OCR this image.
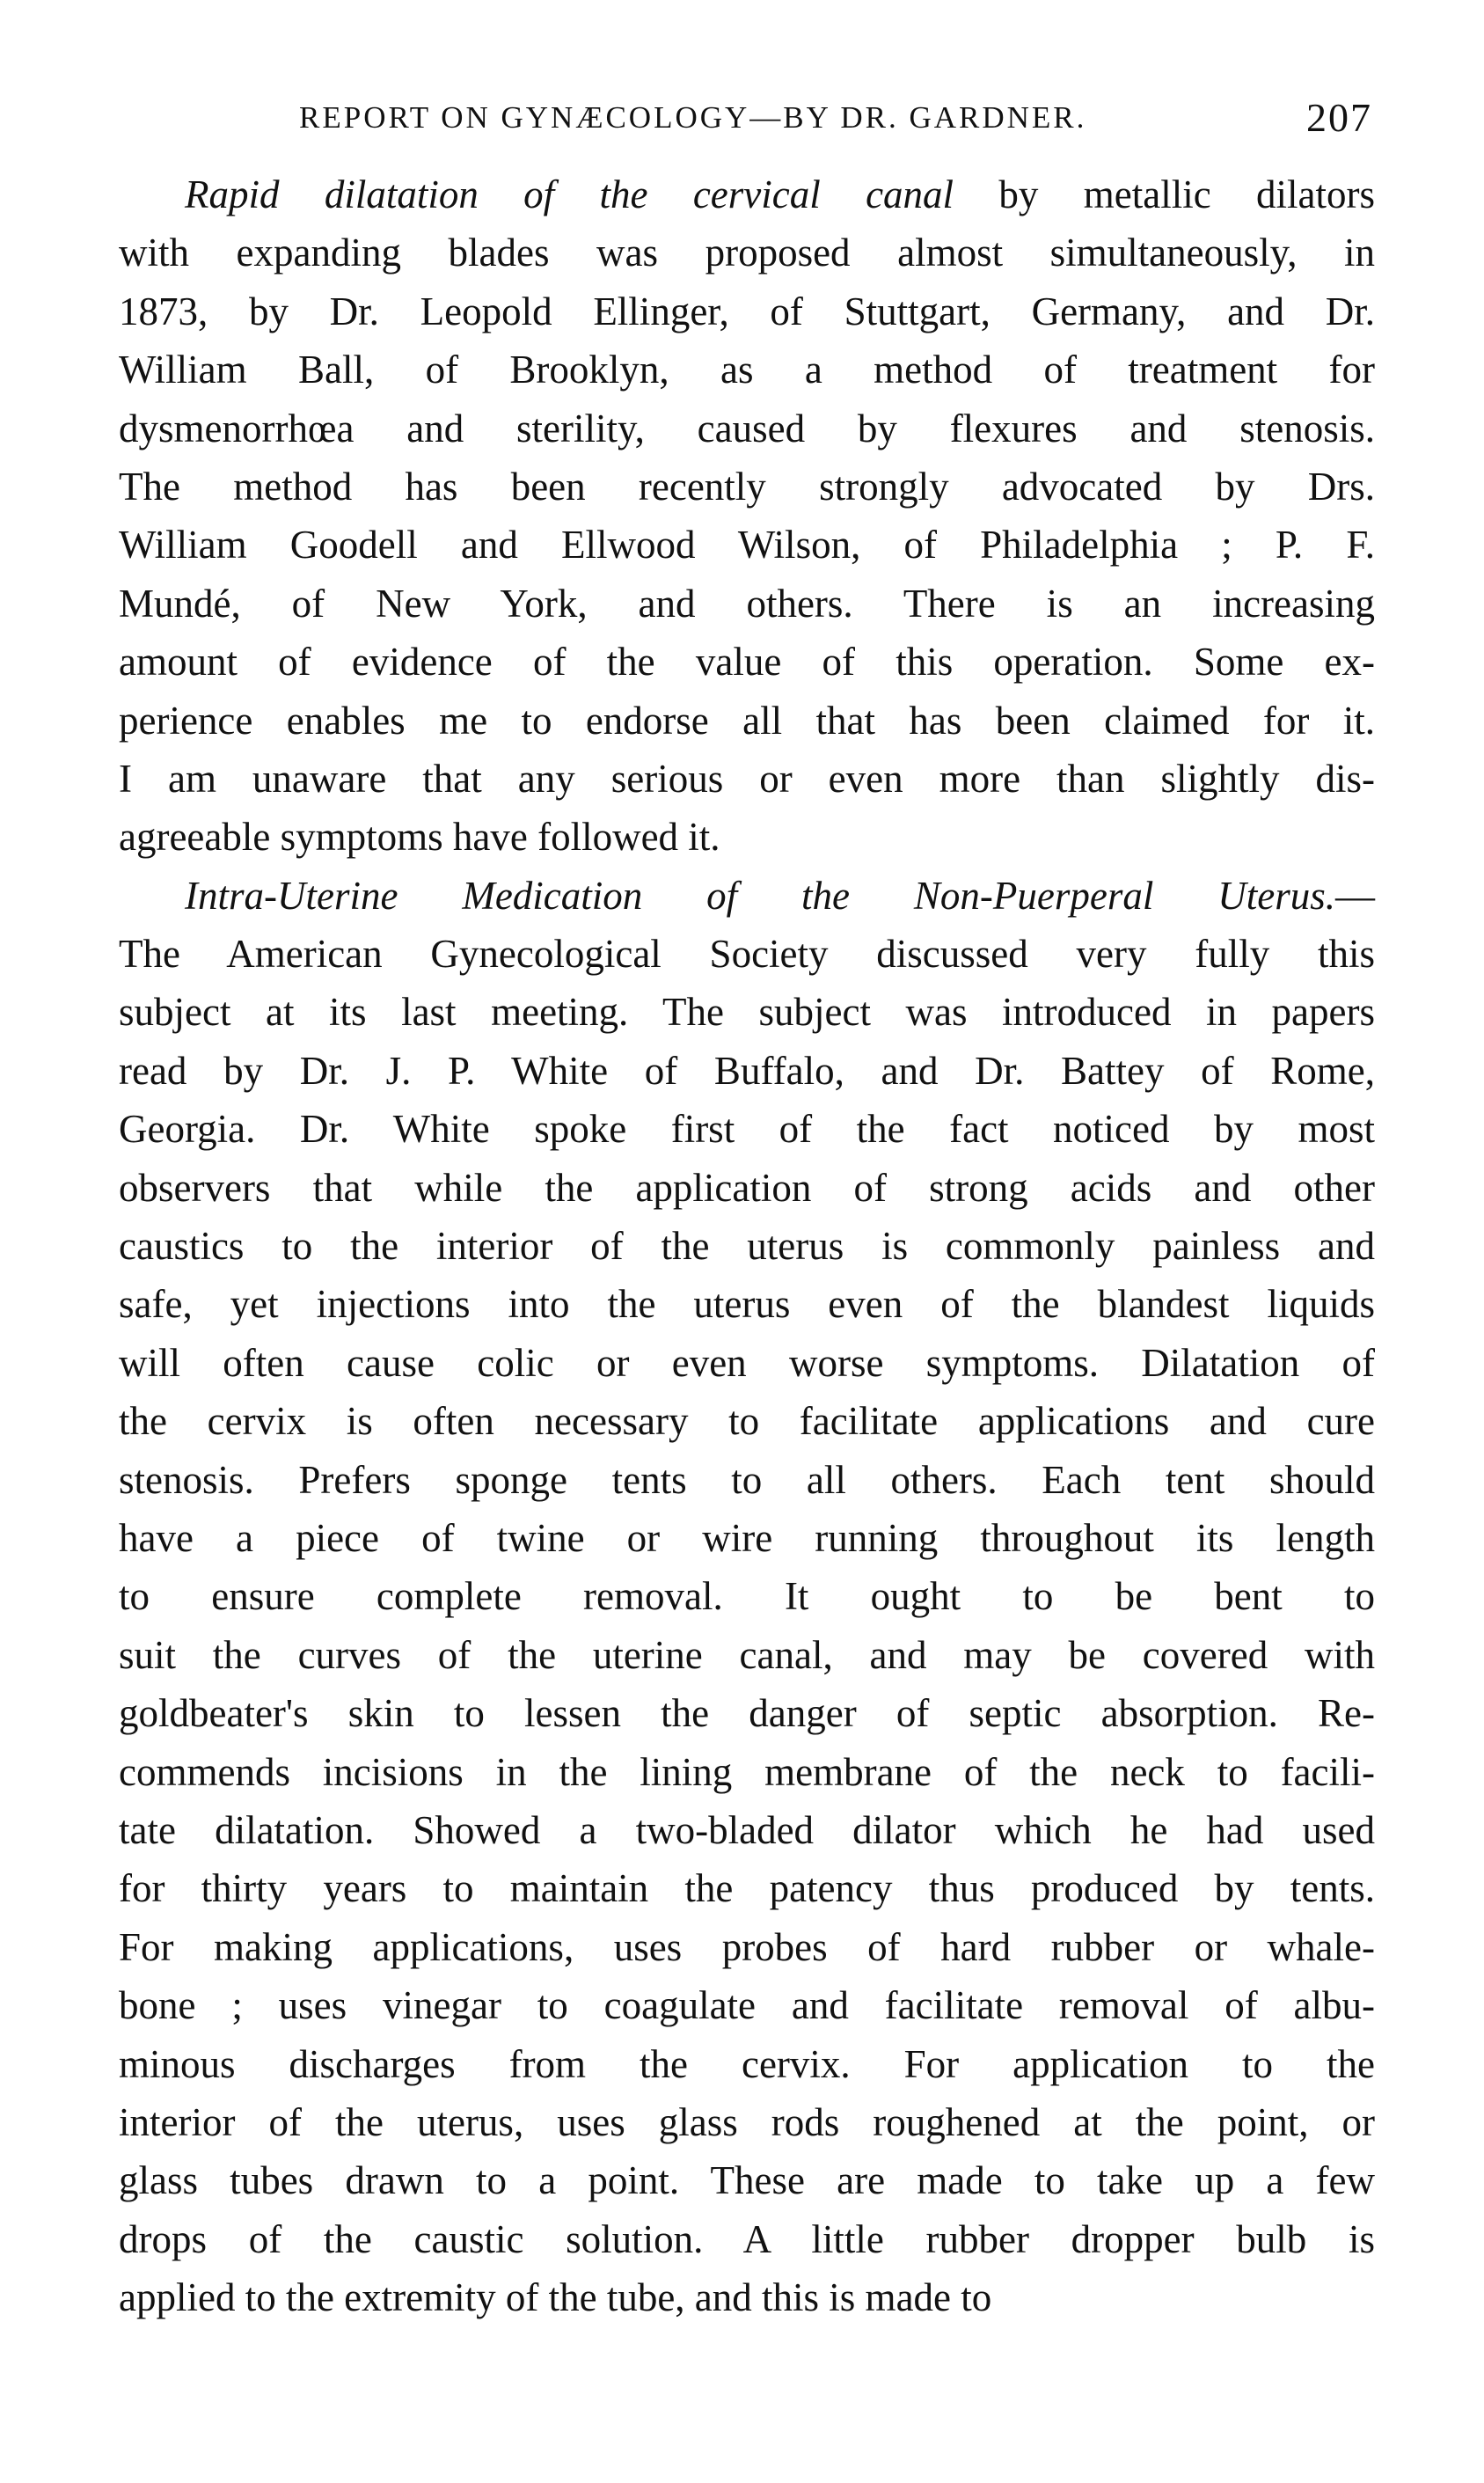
REPORT ON GYNÆCOLOGY—BY DR. GARDNER.	207
Rapid dilatation of the cervical canal by metallic dilators
with expanding blades was proposed almost simultaneously, in
1873, by Dr. Leopold Ellinger, of Stuttgart, Germany, and Dr.
William Ball, of Brooklyn, as a method of treatment for
dysmenorrhœa and sterility, caused by flexures and stenosis.
The method has been recently strongly advocated by Drs.
William Goodell and Ellwood Wilson, of Philadelphia ; P. F.
Mundé, of New York, and others. There is an increasing
amount of evidence of the value of this operation. Some ex-
perience enables me to endorse all that has been claimed for it.
I am unaware that any serious or even more than slightly dis-
agreeable symptoms have followed it.
Intra-Uterine Medication of the Non-Puerperal Uterus.—
The American Gynecological Society discussed very fully this
subject at its last meeting. The subject was introduced in papers
read by Dr. J. P. White of Buffalo, and Dr. Battey of Rome,
Georgia. Dr. White spoke first of the fact noticed by most
observers that while the application of strong acids and other
caustics to the interior of the uterus is commonly painless and
safe, yet injections into the uterus even of the blandest liquids
will often cause colic or even worse symptoms. Dilatation of
the cervix is often necessary to facilitate applications and cure
stenosis. Prefers sponge tents to all others. Each tent should
have a piece of twine or wire running throughout its length
to ensure complete removal. It ought to be bent to
suit the curves of the uterine canal, and may be covered with
goldbeater's skin to lessen the danger of septic absorption. Re-
commends incisions in the lining membrane of the neck to facili-
tate dilatation. Showed a two-bladed dilator which he had used
for thirty years to maintain the patency thus produced by tents.
For making applications, uses probes of hard rubber or whale-
bone ; uses vinegar to coagulate and facilitate removal of albu-
minous discharges from the cervix. For application to the
interior of the uterus, uses glass rods roughened at the point, or
glass tubes drawn to a point. These are made to take up a few
drops of the caustic solution. A little rubber dropper bulb is
applied to the extremity of the tube, and this is made to
